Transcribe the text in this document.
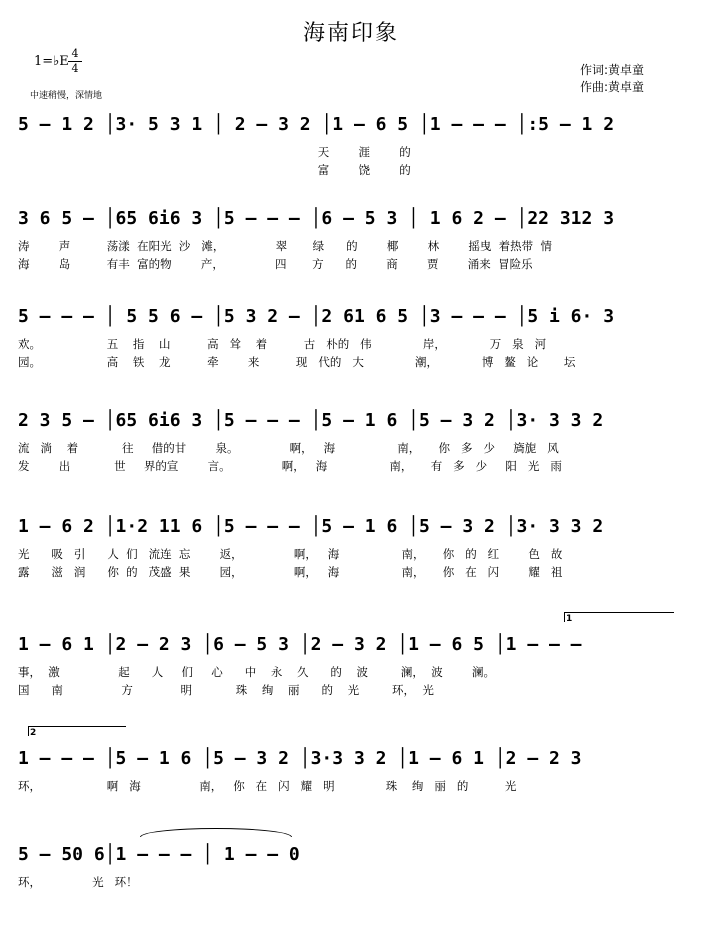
海南印象
1=♭E
4
4
中速稍慢，深情地
作词:黄卓童
作曲:黄卓童
5 – 1 2 │3· 5 3 1 │ 2 – 3 2 │1 – 6 5 │1 – – – │:5 – 1 2
天        涯        的
富        饶        的
3 6 5 – │65 6i6 3 │5 – – – │6 – 5 3 │ 1 6 2 – │22 312 3
涛        声          荡漾  在阳光  沙   滩，              翠       绿      的        椰        林        摇曳  着热带  情
海        岛          有丰  富的物        产，              四       方      的        商        贾        涌来  冒险乐
5 – – – │ 5 5 6 – │5 3 2 – │2 61 6 5 │3 – – – │5 i 6· 3
欢。                  五    指    山          高   耸    着          古   朴的   伟              岸，            万   泉   河
园。                  高    铁    龙          牵        来          现   代的   大              潮，            博   鳌   论       坛
2 3 5 – │65 6i6 3 │5 – – – │5 – 1 6 │5 – 3 2 │3· 3 3 2
流   淌    着            往     借的甘        泉。              啊，   海                 南，     你   多   少     旖旎   风
发        出            世     界的宣        言。              啊，   海                 南，     有   多   少     阳   光   雨
1 – 6 2 │1·2 11 6 │5 – – – │5 – 1 6 │5 – 3 2 │3· 3 3 2
光      吸   引      人  们   流连  忘        返，              啊，   海                 南，     你   的   红        色   故
露      滋   润      你  的   茂盛  果        园，              啊，   海                 南，     你   在   闪        耀   祖
1
1 – 6 1 │2 – 2 3 │6 – 5 3 │2 – 3 2 │1 – 6 5 │1 – – –
事，  激                起      人     们     心      中    永    久      的    波         澜，  波        澜。
国      南                方             明            珠    绚    丽      的    光         环，  光
2
1 – – – │5 – 1 6 │5 – 3 2 │3·3 3 2 │1 – 6 1 │2 – 2 3
环，                  啊   海                南，   你   在   闪   耀   明              珠    绚   丽   的          光
5 – 50 6│1 – – – │ 1 – – 0
环，              光   环！
